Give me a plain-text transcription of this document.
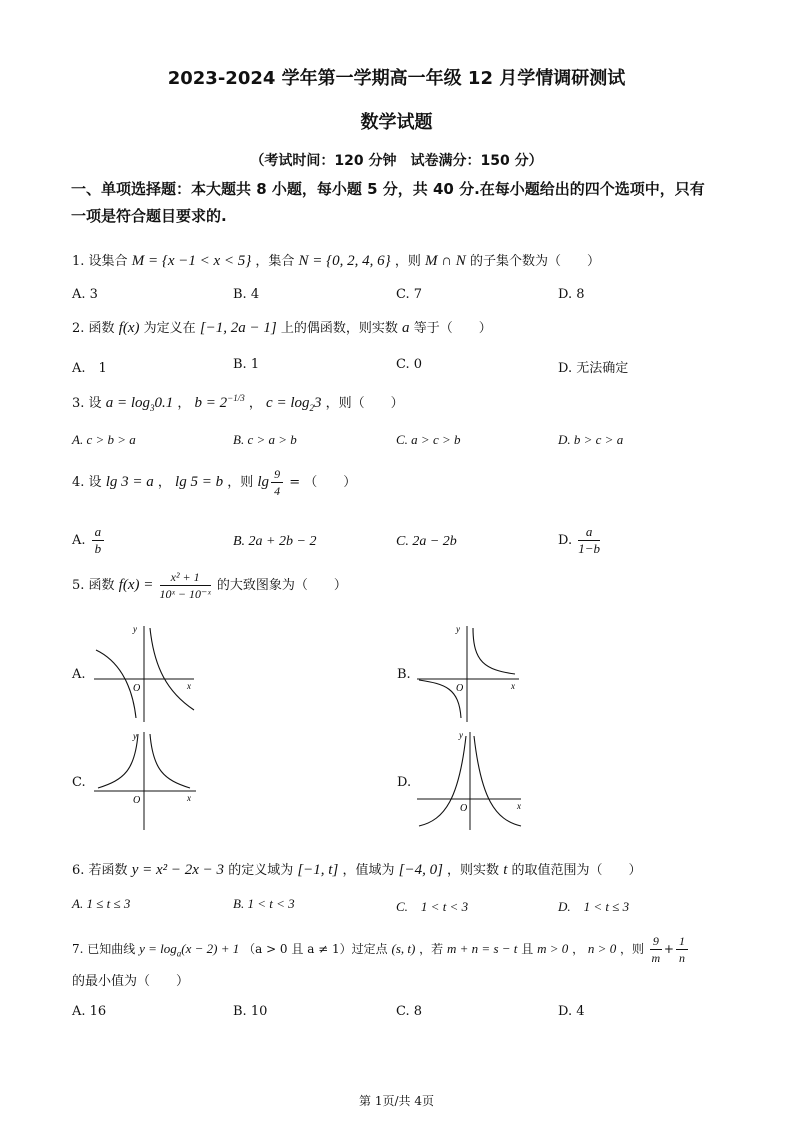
2023-2024 学年第一学期高一年级 12 月学情调研测试
数学试题
（考试时间：120 分钟　试卷满分：150 分）
一、单项选择题：本大题共 8 小题，每小题 5 分，共 40 分.在每小题给出的四个选项中，只有
一项是符合题目要求的.
1. 设集合 M = {x −1 < x < 5} ，集合 N = {0, 2, 4, 6} ，则 M ∩ N 的子集个数为（　　）
A. 3	B. 4	C. 7	D. 8
2. 函数 f(x) 为定义在 [−1, 2a − 1] 上的偶函数，则实数 a 等于（　　）
A.　1	B. 1	C. 0	D. 无法确定
3. 设 $a = \log_30.1$ ， $b = 2^{-1/3}$ ， $c = \log_23$ ，则（　　）
A. c > b > a	B. c > a > b	C. a > c > b	D. b > c > a
4. 设 lg 3 = a ， lg 5 = b ，则 $\lg \frac{9}{4}$ = （　　）
A. $\frac{a}{b}$	B. 2a + 2b − 2	C. 2a − 2b	D. $\frac{a}{1-b}$
5. 函数 $f(x) = \frac{\text{x² + 1}}{\text{10ˣ − 10⁻ˣ}}$ 的大致图象为（　　）
A.
O	x
y
B.
O	x
y
C.
O	x
y
D.
O	x
y
6. 若函数 y = x² − 2x − 3 的定义域为 [−1, t] ，值域为 [−4, 0] ，则实数 t 的取值范围为（　　）
A. 1 ≤ t ≤ 3	B. 1 < t < 3	C.　1 < t < 3	D.　1 < t ≤ 3
7. 已知曲线 $y = \log_a(x - 2) + 1$ （a > 0 且 a ≠ 1）过定点 (s, t) ，若 m + n = s − t 且 m > 0 ， n > 0 ，则 $\frac{9}{m} + \frac{1}{n}$
的最小值为（　　）
A. 16	B. 10	C. 8	D. 4
第 1页/共 4页
